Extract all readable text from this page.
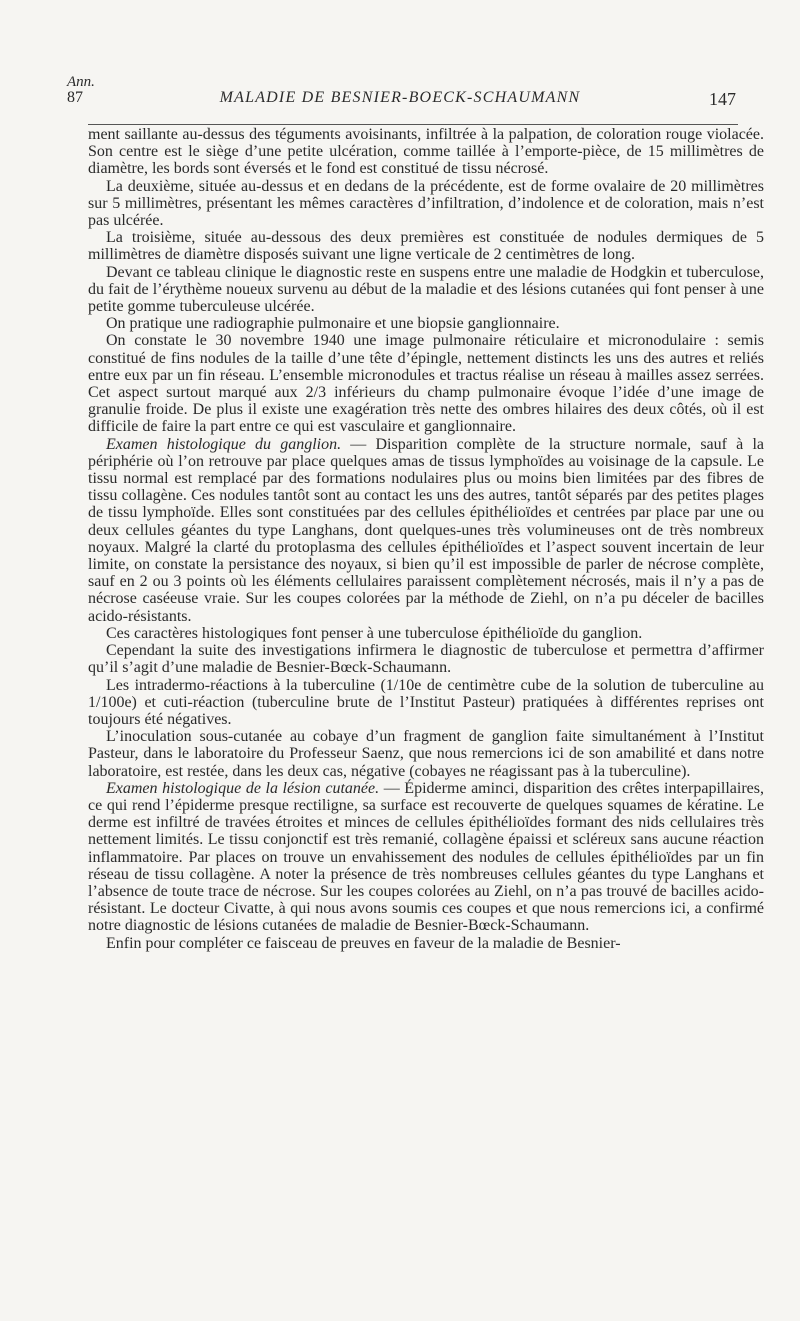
Ann.
87	MALADIE DE BESNIER-BOECK-SCHAUMANN	147

ment saillante au-dessus des téguments avoisinants, infiltrée à la palpation, de coloration rouge violacée. Son centre est le siège d’une petite ulcération, comme taillée à l’emporte-pièce, de 15 millimètres de diamètre, les bords sont éversés et le fond est constitué de tissu nécrosé.

La deuxième, située au-dessus et en dedans de la précédente, est de forme ovalaire de 20 millimètres sur 5 millimètres, présentant les mêmes caractères d’infiltration, d’indolence et de coloration, mais n’est pas ulcérée.

La troisième, située au-dessous des deux premières est constituée de nodules dermiques de 5 millimètres de diamètre disposés suivant une ligne verticale de 2 centimètres de long.

Devant ce tableau clinique le diagnostic reste en suspens entre une maladie de Hodgkin et tuberculose, du fait de l’érythème noueux survenu au début de la maladie et des lésions cutanées qui font penser à une petite gomme tuberculeuse ulcérée.

On pratique une radiographie pulmonaire et une biopsie ganglionnaire.

On constate le 30 novembre 1940 une image pulmonaire réticulaire et micronodulaire : semis constitué de fins nodules de la taille d’une tête d’épingle, nettement distincts les uns des autres et reliés entre eux par un fin réseau. L’ensemble micronodules et tractus réalise un réseau à mailles assez serrées. Cet aspect surtout marqué aux 2/3 inférieurs du champ pulmonaire évoque l’idée d’une image de granulie froide. De plus il existe une exagération très nette des ombres hilaires des deux côtés, où il est difficile de faire la part entre ce qui est vasculaire et ganglionnaire.

Examen histologique du ganglion. — Disparition complète de la structure normale, sauf à la périphérie où l’on retrouve par place quelques amas de tissus lymphoïdes au voisinage de la capsule. Le tissu normal est remplacé par des formations nodulaires plus ou moins bien limitées par des fibres de tissu collagène. Ces nodules tantôt sont au contact les uns des autres, tantôt séparés par des petites plages de tissu lymphoïde. Elles sont constituées par des cellules épithélioïdes et centrées par place par une ou deux cellules géantes du type Langhans, dont quelques-unes très volumineuses ont de très nombreux noyaux. Malgré la clarté du protoplasma des cellules épithélioïdes et l’aspect souvent incertain de leur limite, on constate la persistance des noyaux, si bien qu’il est impossible de parler de nécrose complète, sauf en 2 ou 3 points où les éléments cellulaires paraissent complètement nécrosés, mais il n’y a pas de nécrose caséeuse vraie. Sur les coupes colorées par la méthode de Ziehl, on n’a pu déceler de bacilles acido-résistants.

Ces caractères histologiques font penser à une tuberculose épithélioïde du ganglion.

Cependant la suite des investigations infirmera le diagnostic de tuberculose et permettra d’affirmer qu’il s’agit d’une maladie de Besnier-Bœck-Schaumann.

Les intradermo-réactions à la tuberculine (1/10e de centimètre cube de la solution de tuberculine au 1/100e) et cuti-réaction (tuberculine brute de l’Institut Pasteur) pratiquées à différentes reprises ont toujours été négatives.

L’inoculation sous-cutanée au cobaye d’un fragment de ganglion faite simultanément à l’Institut Pasteur, dans le laboratoire du Professeur Saenz, que nous remercions ici de son amabilité et dans notre laboratoire, est restée, dans les deux cas, négative (cobayes ne réagissant pas à la tuberculine).

Examen histologique de la lésion cutanée. — Épiderme aminci, disparition des crêtes interpapillaires, ce qui rend l’épiderme presque rectiligne, sa surface est recouverte de quelques squames de kératine. Le derme est infiltré de travées étroites et minces de cellules épithélioïdes formant des nids cellulaires très nettement limités. Le tissu conjonctif est très remanié, collagène épaissi et scléreux sans aucune réaction inflammatoire. Par places on trouve un envahissement des nodules de cellules épithélioïdes par un fin réseau de tissu collagène. A noter la présence de très nombreuses cellules géantes du type Langhans et l’absence de toute trace de nécrose. Sur les coupes colorées au Ziehl, on n’a pas trouvé de bacilles acido-résistant. Le docteur Civatte, à qui nous avons soumis ces coupes et que nous remercions ici, a confirmé notre diagnostic de lésions cutanées de maladie de Besnier-Bœck-Schaumann.

Enfin pour compléter ce faisceau de preuves en faveur de la maladie de Besnier-
